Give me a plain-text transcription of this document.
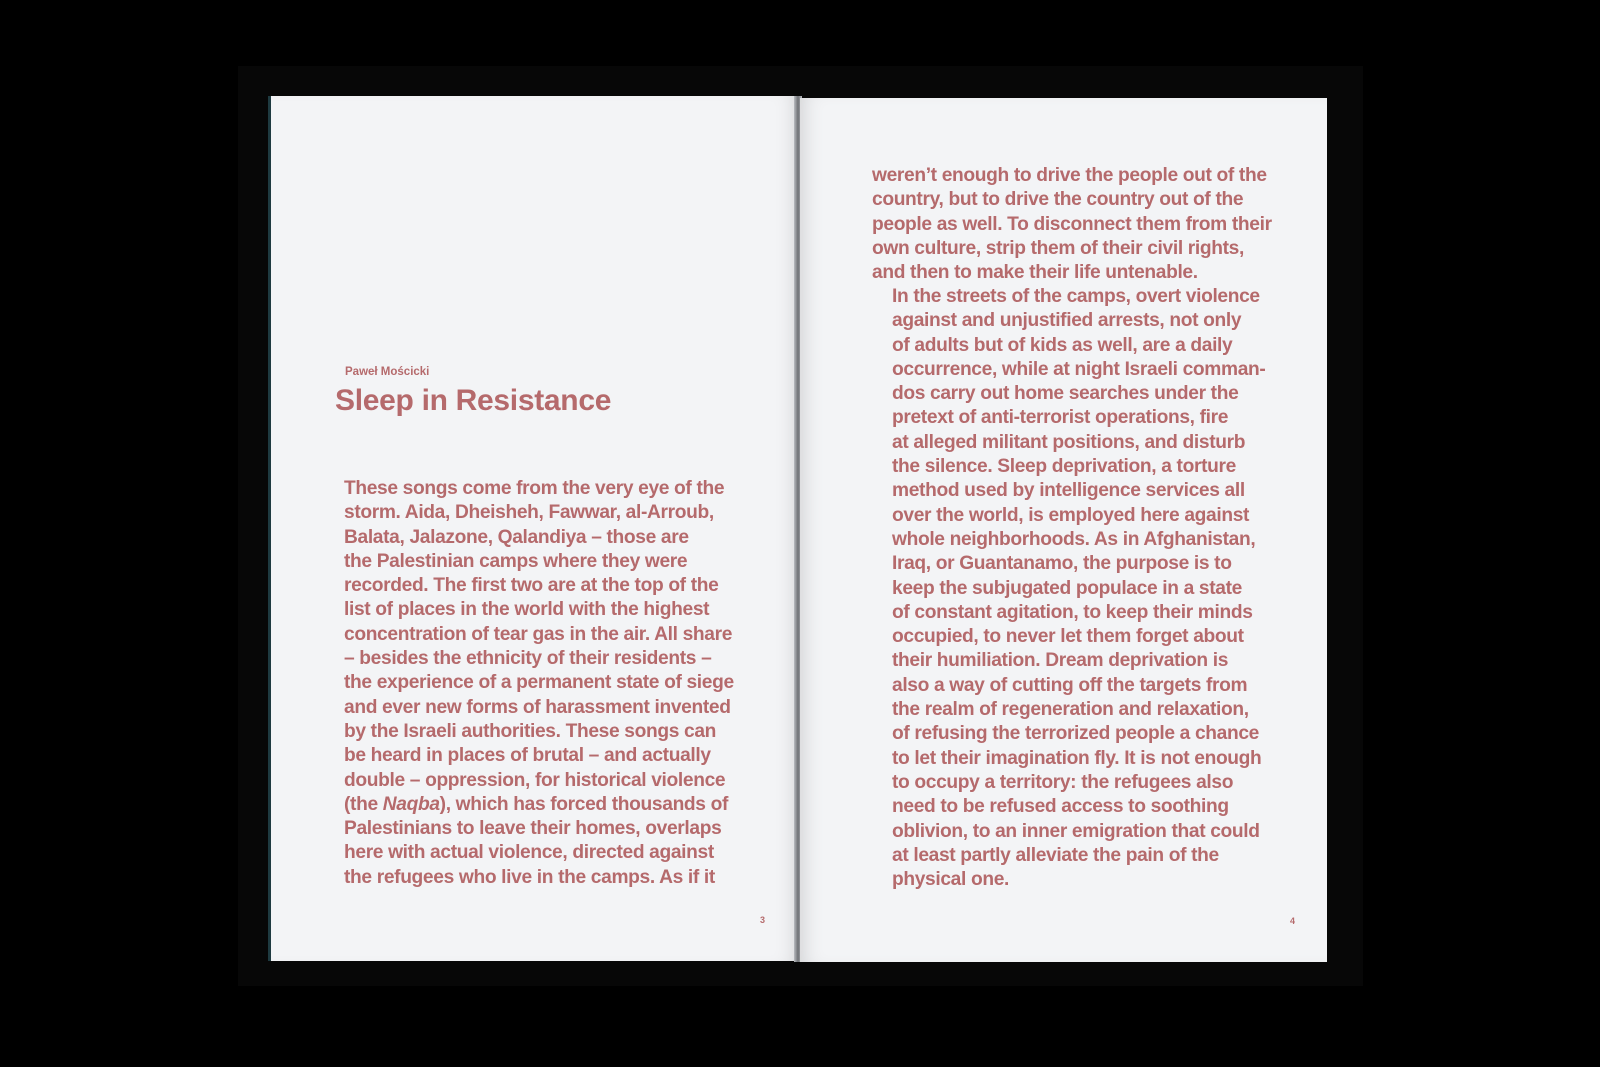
Paweł Mościcki
Sleep in Resistance
These songs come from the very eye of the
storm. Aida, Dheisheh, Fawwar, al-Arroub,
Balata, Jalazone, Qalandiya – those are
the Palestinian camps where they were
recorded. The first two are at the top of the
list of places in the world with the highest
concentration of tear gas in the air. All share
– besides the ethnicity of their residents –
the experience of a permanent state of siege
and ever new forms of harassment invented
by the Israeli authorities. These songs can
be heard in places of brutal – and actually
double – oppression, for historical violence
(the Naqba), which has forced thousands of
Palestinians to leave their homes, overlaps
here with actual violence, directed against
the refugees who live in the camps. As if it
3
weren’t enough to drive the people out of the
country, but to drive the country out of the
people as well. To disconnect them from their
own culture, strip them of their civil rights,
and then to make their life untenable.
In the streets of the camps, overt violence
against and unjustified arrests, not only
of adults but of kids as well, are a daily
occurrence, while at night Israeli comman-
dos carry out home searches under the
pretext of anti-terrorist operations, fire
at alleged militant positions, and disturb
the silence. Sleep deprivation, a torture
method used by intelligence services all
over the world, is employed here against
whole neighborhoods. As in Afghanistan,
Iraq, or Guantanamo, the purpose is to
keep the subjugated populace in a state
of constant agitation, to keep their minds
occupied, to never let them forget about
their humiliation. Dream deprivation is
also a way of cutting off the targets from
the realm of regeneration and relaxation,
of refusing the terrorized people a chance
to let their imagination fly. It is not enough
to occupy a territory: the refugees also
need to be refused access to soothing
oblivion, to an inner emigration that could
at least partly alleviate the pain of the
physical one.
4
